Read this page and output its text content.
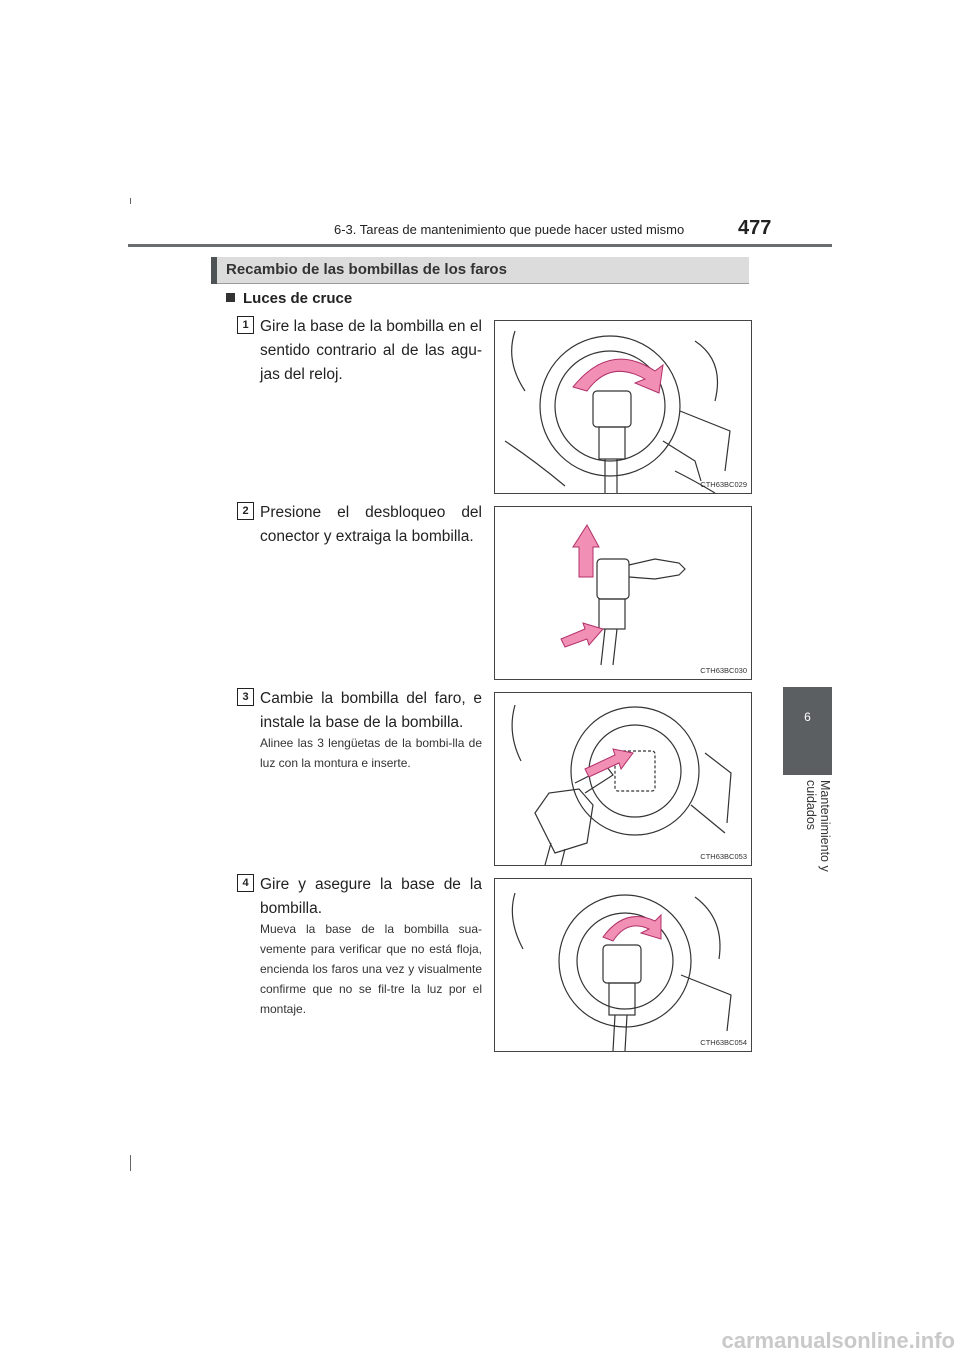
6-3. Tareas de mantenimiento que puede hacer usted mismo	477
6
Mantenimiento y cuidados
Recambio de las bombillas de los faros
Luces de cruce
1 Gire la base de la bombilla en el sentido contrario al de las agu-jas del reloj.
CTH63BC029
2 Presione el desbloqueo del conector y extraiga la bombilla.
CTH63BC030
3 Cambie la bombilla del faro, e instale la base de la bombilla.
Alinee las 3 lengüetas de la bombi-lla de luz con la montura e inserte.
CTH63BC053
4 Gire y asegure la base de la bombilla.
Mueva la base de la bombilla sua-vemente para verificar que no está floja, encienda los faros una vez y visualmente confirme que no se fil-tre la luz por el montaje.
CTH63BC054
carmanualsonline.info
